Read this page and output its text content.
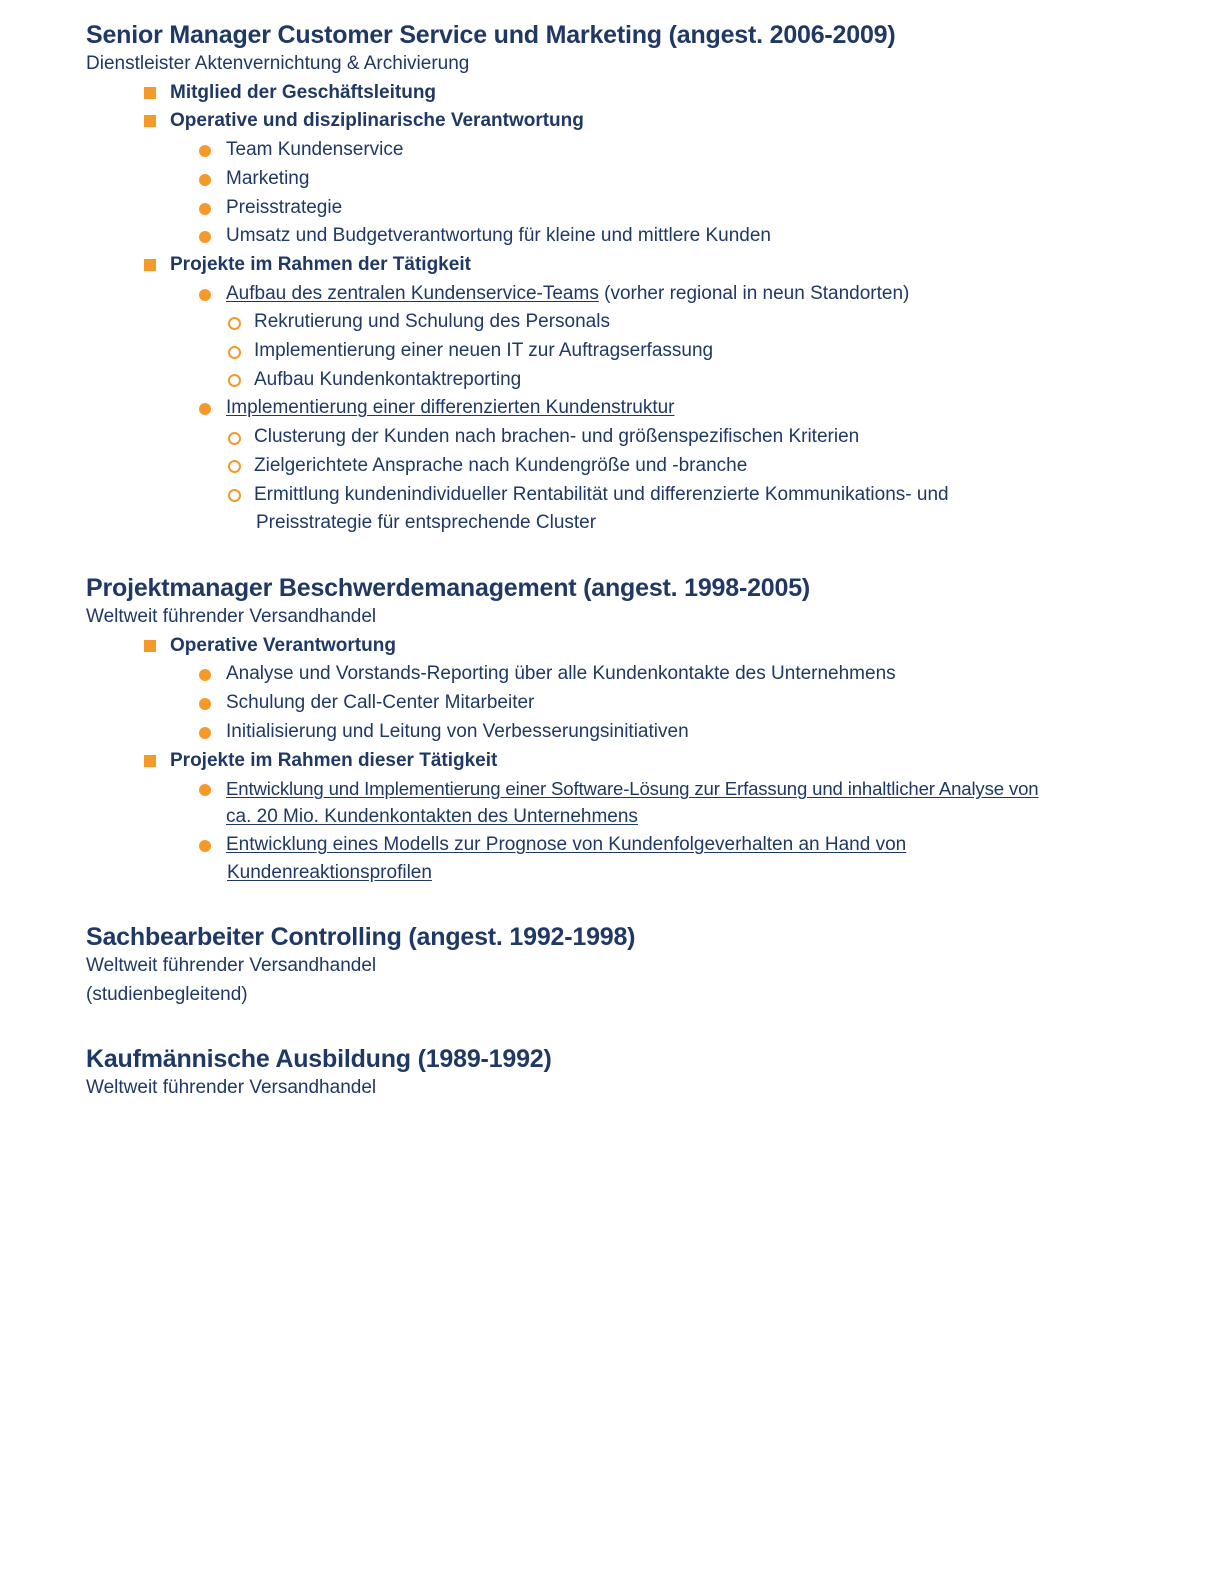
Senior Manager Customer Service und Marketing (angest. 2006-2009)
Dienstleister Aktenvernichtung & Archivierung
Mitglied der Geschäftsleitung
Operative und disziplinarische Verantwortung
Team Kundenservice
Marketing
Preisstrategie
Umsatz und Budgetverantwortung für kleine und mittlere Kunden
Projekte im Rahmen der Tätigkeit
Aufbau des zentralen Kundenservice-Teams (vorher regional in neun Standorten)
Rekrutierung und Schulung des Personals
Implementierung einer neuen IT zur Auftragserfassung
Aufbau Kundenkontaktreporting
Implementierung einer differenzierten Kundenstruktur
Clusterung der Kunden nach brachen- und größenspezifischen Kriterien
Zielgerichtete Ansprache nach Kundengröße und -branche
Ermittlung kundenindividueller Rentabilität und differenzierte Kommunikations- und
Preisstrategie für entsprechende Cluster
Projektmanager Beschwerdemanagement (angest. 1998-2005)
Weltweit führender Versandhandel
Operative Verantwortung
Analyse und Vorstands-Reporting über alle Kundenkontakte des Unternehmens
Schulung der Call-Center Mitarbeiter
Initialisierung und Leitung von Verbesserungsinitiativen
Projekte im Rahmen dieser Tätigkeit
Entwicklung und Implementierung einer Software-Lösung zur Erfassung und inhaltlicher Analyse von
ca. 20 Mio. Kundenkontakten des Unternehmens
Entwicklung eines Modells zur Prognose von Kundenfolgeverhalten an Hand von
Kundenreaktionsprofilen
Sachbearbeiter Controlling (angest. 1992-1998)
Weltweit führender Versandhandel
(studienbegleitend)
Kaufmännische Ausbildung (1989-1992)
Weltweit führender Versandhandel
